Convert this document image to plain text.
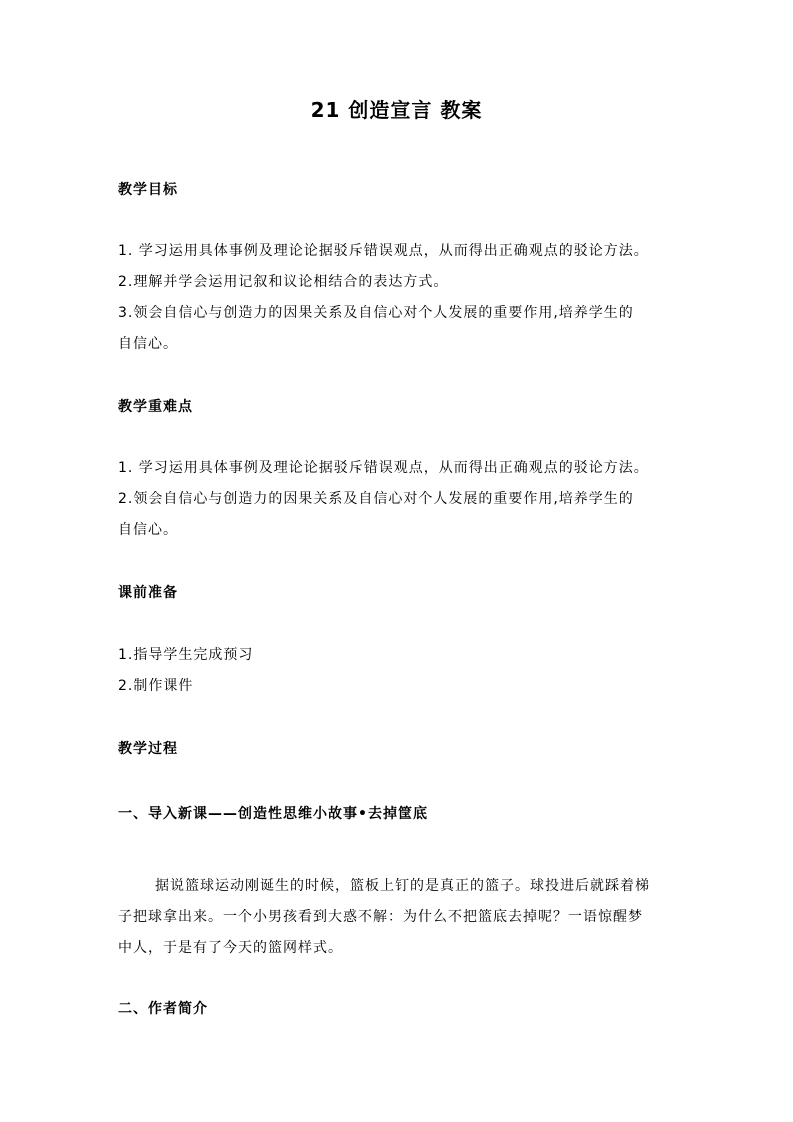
21 创造宣言 教案
教学目标
1. 学习运用具体事例及理论论据驳斥错误观点，从而得出正确观点的驳论方法。
2.理解并学会运用记叙和议论相结合的表达方式。
3.领会自信心与创造力的因果关系及自信心对个人发展的重要作用,培养学生的
自信心。
教学重难点
1. 学习运用具体事例及理论论据驳斥错误观点，从而得出正确观点的驳论方法。
2.领会自信心与创造力的因果关系及自信心对个人发展的重要作用,培养学生的
自信心。
课前准备
1.指导学生完成预习
2.制作课件
教学过程
一、导入新课——创造性思维小故事•去掉筐底
据说篮球运动刚诞生的时候，篮板上钉的是真正的篮子。球投进后就踩着梯
子把球拿出来。一个小男孩看到大惑不解：为什么不把篮底去掉呢？一语惊醒梦
中人，于是有了今天的篮网样式。
二、作者简介
